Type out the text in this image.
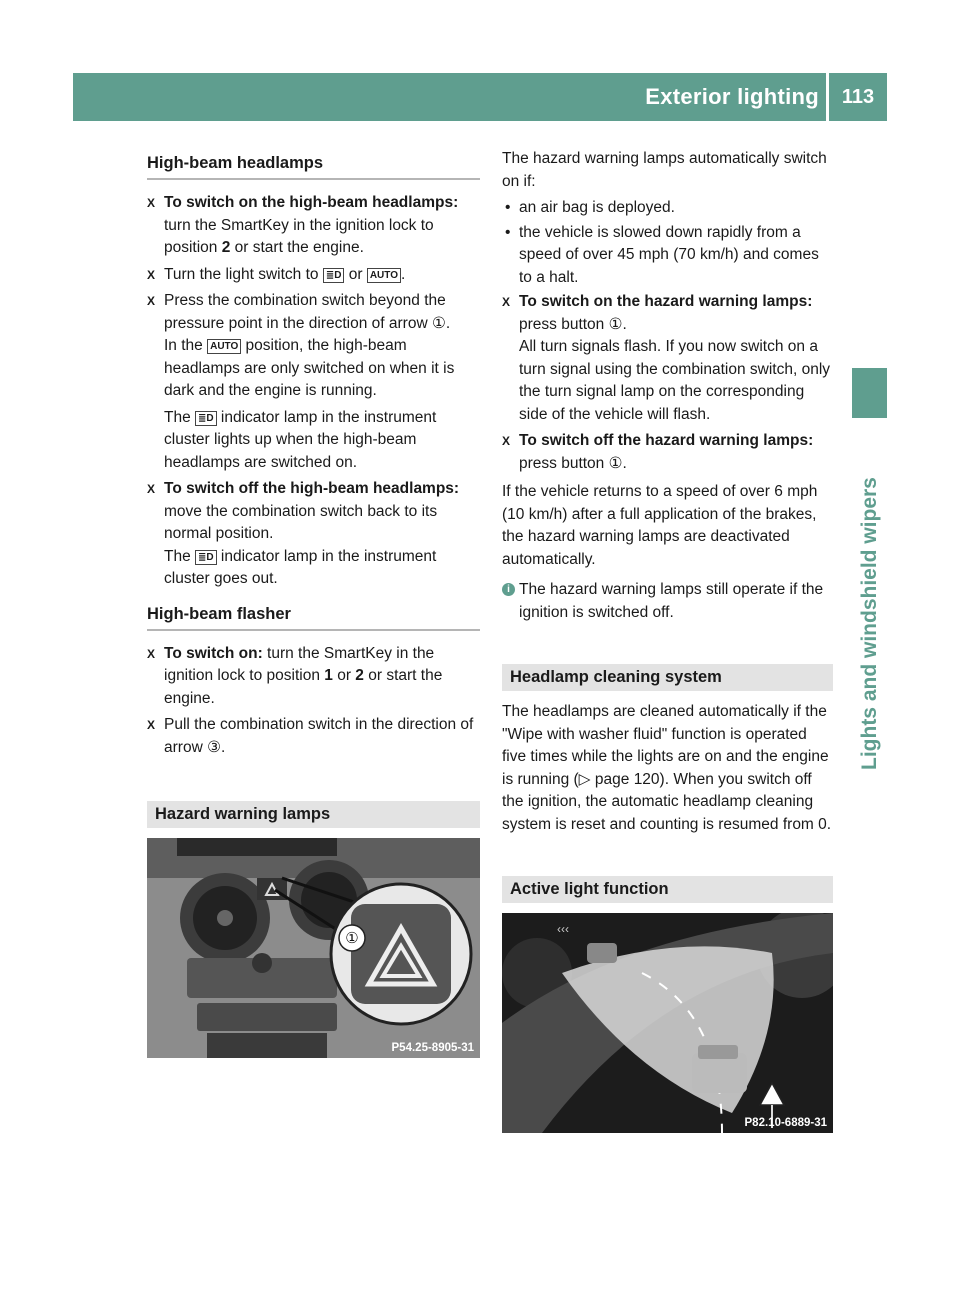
Exterior lighting	113
Lights and windshield wipers
High-beam headlamps
X To switch on the high-beam headlamps: turn the SmartKey in the ignition lock to position 2 or start the engine.
X Turn the light switch to ≣D or AUTO .
X Press the combination switch beyond the pressure point in the direction of arrow ①.
In the AUTO position, the high-beam headlamps are only switched on when it is dark and the engine is running.
The ≣D indicator lamp in the instrument cluster lights up when the high-beam headlamps are switched on.
X To switch off the high-beam headlamps: move the combination switch back to its normal position.
The ≣D indicator lamp in the instrument cluster goes out.
High-beam flasher
X To switch on: turn the SmartKey in the ignition lock to position 1 or 2 or start the engine.
X Pull the combination switch in the direction of arrow ③.
Hazard warning lamps
①
P54.25-8905-31
The hazard warning lamps automatically switch on if:
• an air bag is deployed.
• the vehicle is slowed down rapidly from a speed of over 45 mph (70 km/h) and comes to a halt.
X To switch on the hazard warning lamps: press button ①.
All turn signals flash. If you now switch on a turn signal using the combination switch, only the turn signal lamp on the corresponding side of the vehicle will flash.
X To switch off the hazard warning lamps: press button ①.
If the vehicle returns to a speed of over 6 mph (10 km/h) after a full application of the brakes, the hazard warning lamps are deactivated automatically.
i The hazard warning lamps still operate if the ignition is switched off.
Headlamp cleaning system
The headlamps are cleaned automatically if the "Wipe with washer fluid" function is operated five times while the lights are on and the engine is running (▷ page 120). When you switch off the ignition, the automatic headlamp cleaning system is reset and counting is resumed from 0.
Active light function
‹‹‹
P82.10-6889-31
